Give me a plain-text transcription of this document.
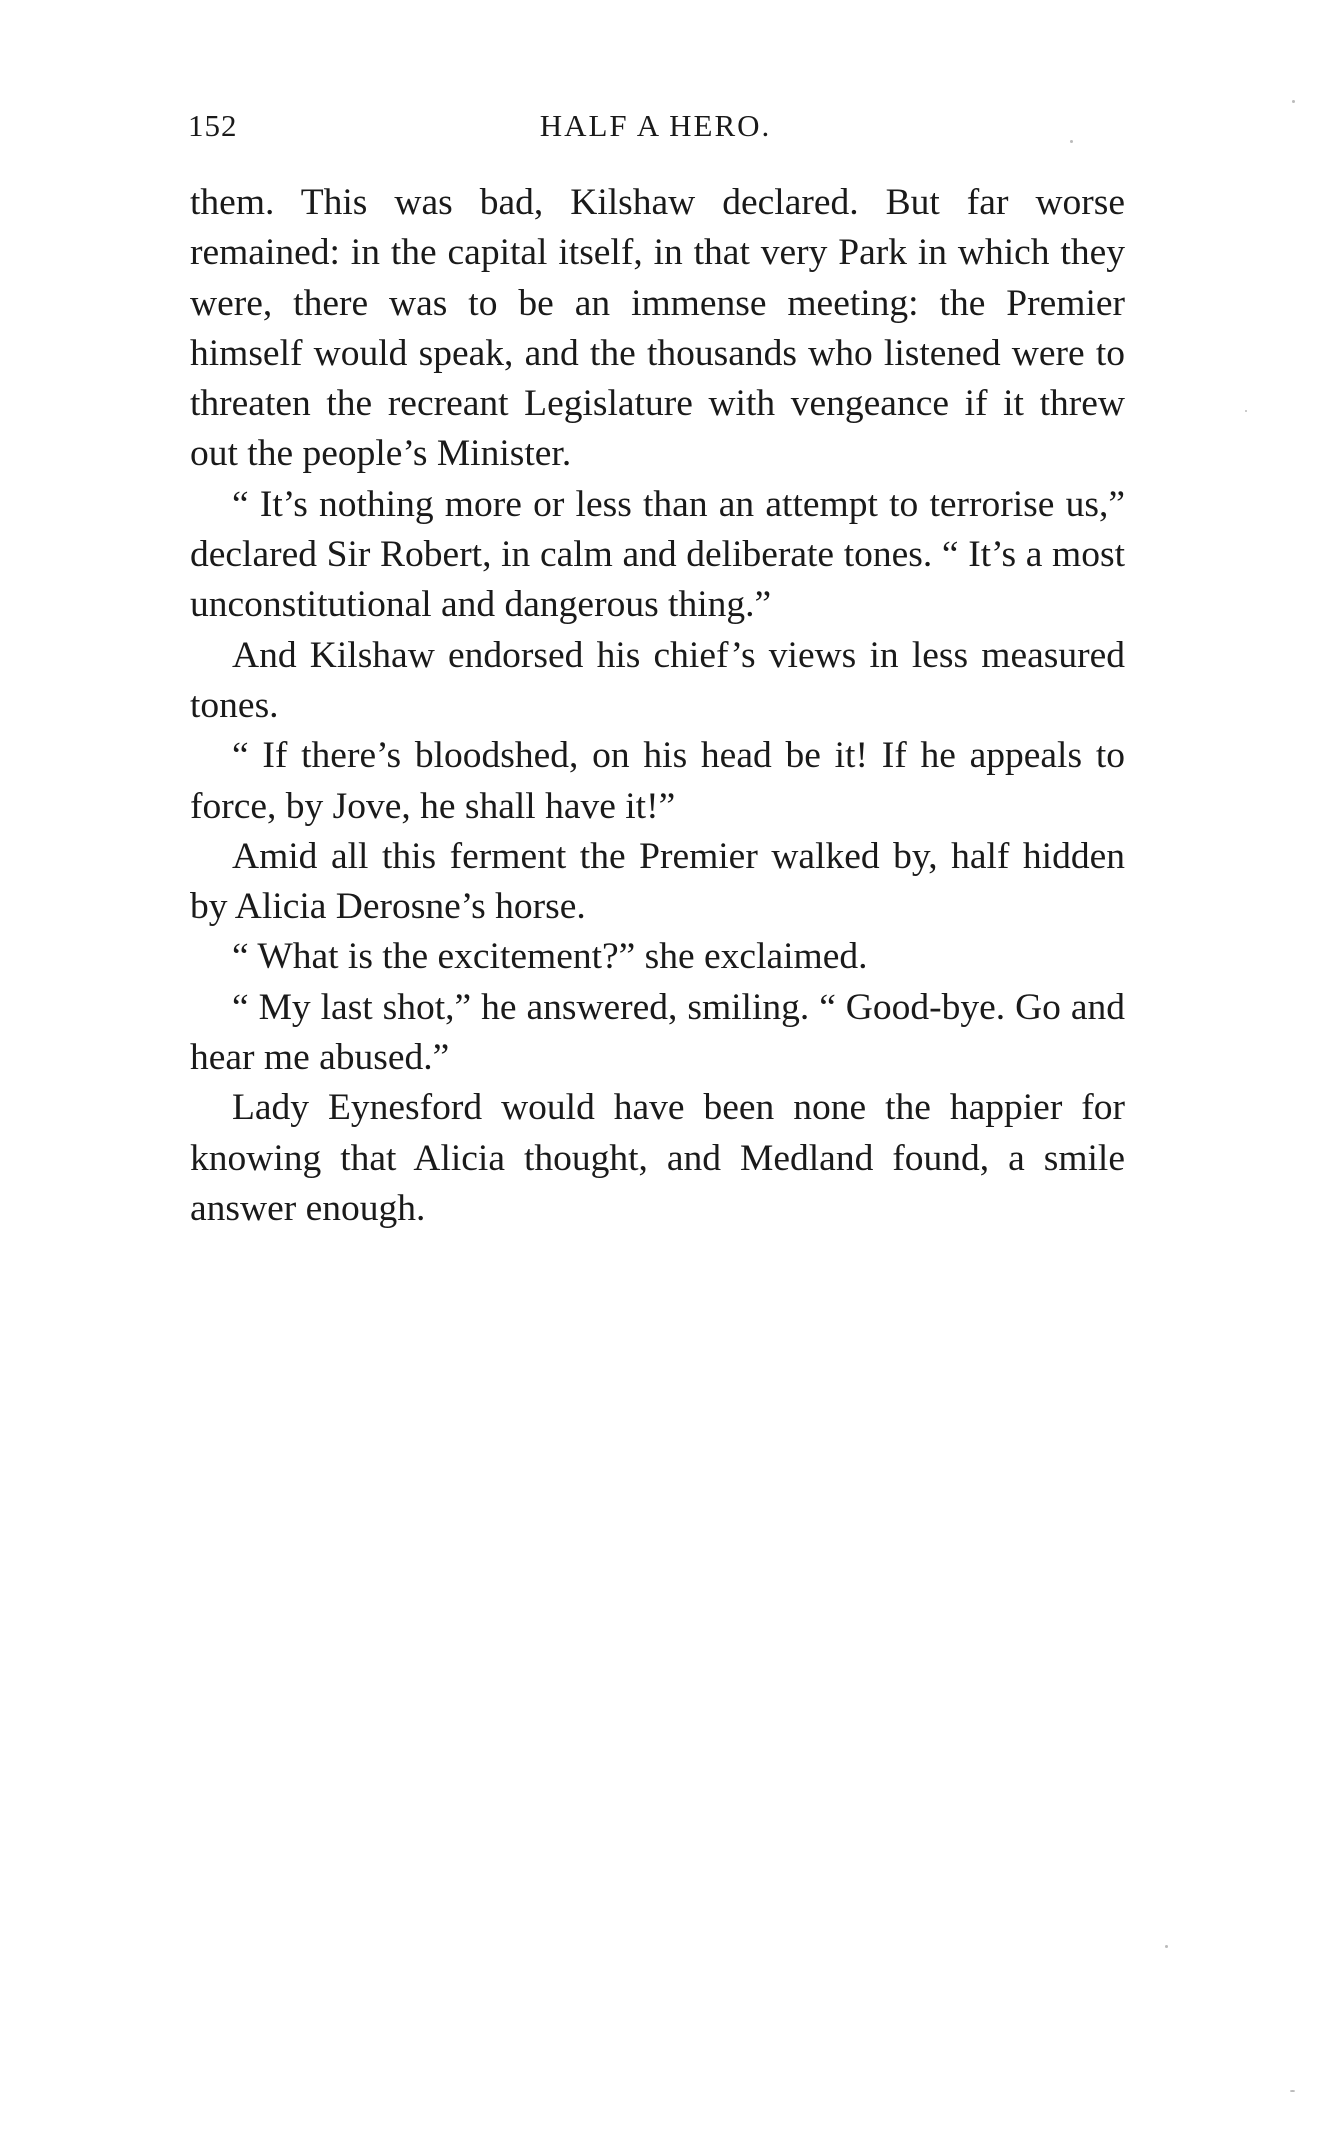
152	HALF A HERO.

them. This was bad, Kilshaw declared. But far worse remained: in the capital itself, in that very Park in which they were, there was to be an immense meeting: the Premier himself would speak, and the thousands who listened were to threaten the recreant Legislature with vengeance if it threw out the people’s Minister.

“ It’s nothing more or less than an attempt to terrorise us,” declared Sir Robert, in calm and deliberate tones. “ It’s a most unconstitutional and dangerous thing.”

And Kilshaw endorsed his chief’s views in less measured tones.

“ If there’s bloodshed, on his head be it! If he appeals to force, by Jove, he shall have it!”

Amid all this ferment the Premier walked by, half hidden by Alicia Derosne’s horse.

“ What is the excitement?” she exclaimed.

“ My last shot,” he answered, smiling. “ Good-bye. Go and hear me abused.”

Lady Eynesford would have been none the happier for knowing that Alicia thought, and Medland found, a smile answer enough.
